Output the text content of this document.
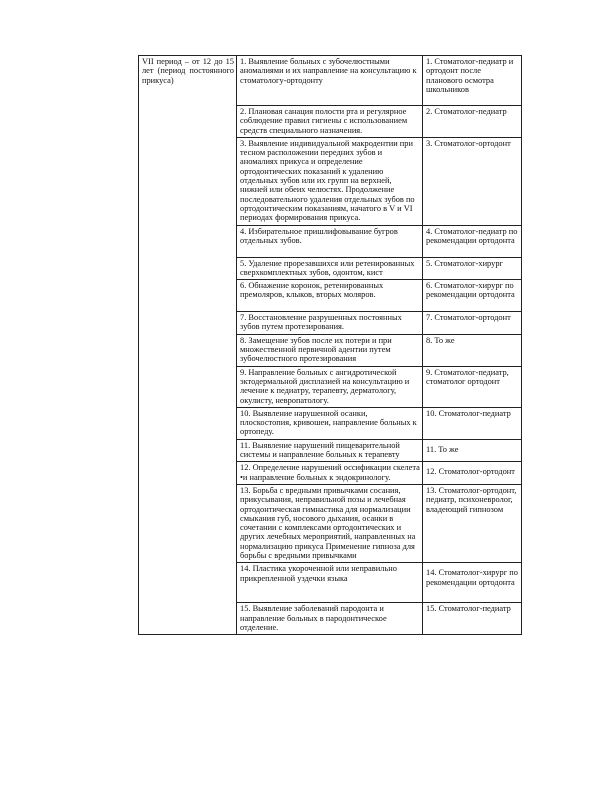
VII период – от 12 до 15 лет (период постоянного прикуса)	1. Выявление больных с зубочелюстными аномалиями и их направление на консультацию к стоматологу-ортодонту	1. Стоматолог-педиатр и ортодонт после планового осмотра школьников

	2. Плановая санация полости рта и регулярное соблюдение правил гигиены с использованием средств специального назначения.	2. Стоматолог-педиатр

	3. Выявление индивидуальной макродентии при тесном расположении передних зубов и аномалиях прикуса и определение ортодонтических показаний к удалению отдельных зубов или их групп на верхней, нижней или обеих челюстях. Продолжение последовательного удаления отдельных зубов по ортодонтическим показаниям, начатого в V и VI периодах формирования прикуса.	3. Стоматолог-ортодонт

	4. Избирательное пришлифовывание бугров отдельных зубов.	4. Стоматолог-педиатр по рекомендации ортодонта

	5. Удаление прорезавшихся или ретенированных сверхкомплектных зубов, одонтом, кист	5. Стоматолог-хирург

	6. Обнажение коронок, ретенированных премоляров, клыков, вторых моляров.	6. Стоматолог-хирург по рекомендации ортодонта

	7. Восстановление разрушенных постоянных зубов путем протезирования.	7. Стоматолог-ортодонт

	8. Замещение зубов после их потери и при множественной первичной адентии путем зубочелюстного протезирования	8. То же

	9. Направление больных с ангидротической эктодермальной дисплазией на консультацию и лечение к педиатру, терапевту, дерматологу, окулисту, невропатологу.	9. Стоматолог-педиатр, стоматолог ортодонт

	10. Выявление нарушенной осанки, плоскостопия, кривошеи, направление больных к ортопеду.	10. Стоматолог-педиатр

	11. Выявление нарушений пищеварительной системы и направление больных к терапевту	11. То же

	12. Определение нарушений оссификации скелета •и направление больных к эндокринологу.	12. Стоматолог-ортодонт

	13. Борьба с вредными привычками сосания, прикусывания, неправильной позы и лечебная ортодонтическая гимнастика для нормализации смыкания губ, носового дыхания, осанки в сочетании с комплексами ортодонтических и других лечебных мероприятий, направленных на нормализацию прикуса Применение гипноза для борьбы с вредными привычками	13. Стоматолог-ортодонт, педиатр, психоневролог, владеющий гипнозом

	14. Пластика укороченной или неправильно прикрепленной уздечки языка	14. Стоматолог-хирург по рекомендации ортодонта

	15. Выявление заболеваний пародонта и направление больных в пародонтическое отделение.	15. Стоматолог-педиатр
